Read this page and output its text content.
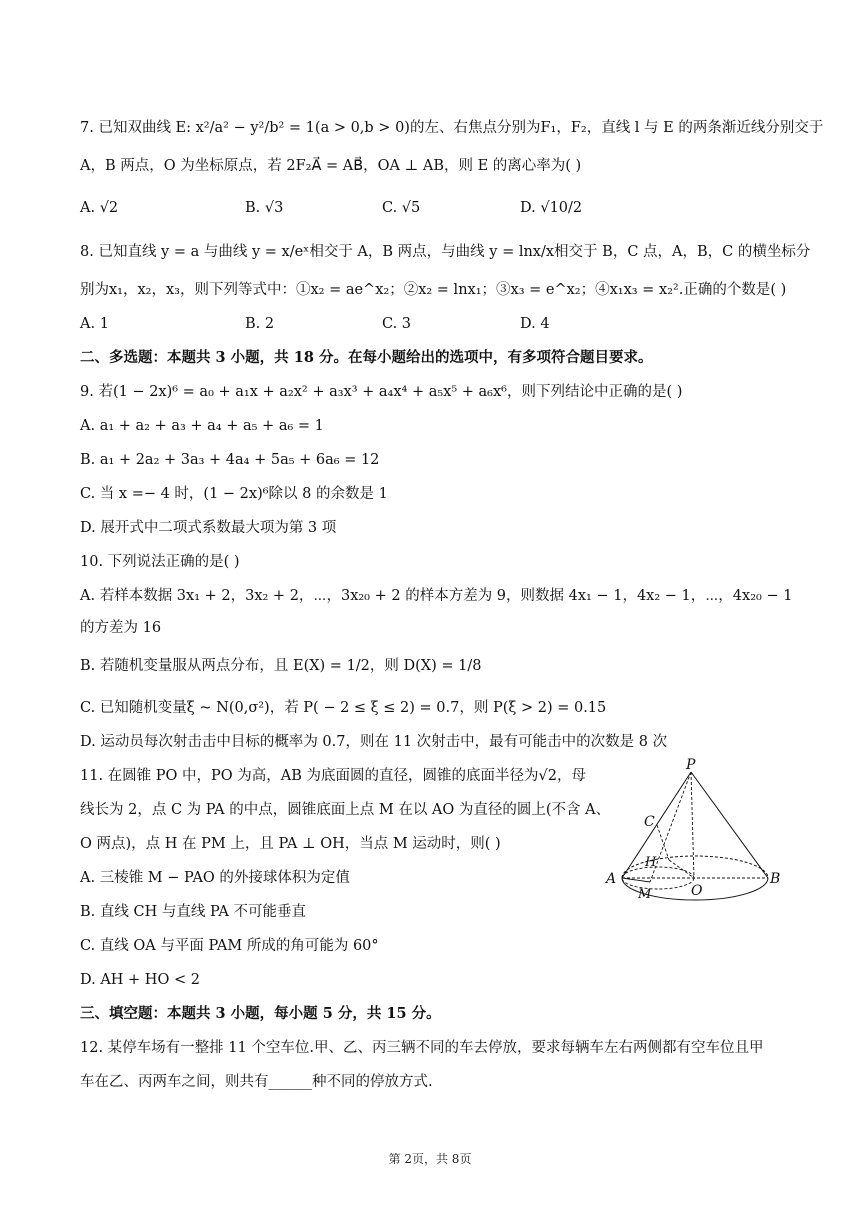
7. 已知双曲线 E: x²/a² − y²/b² = 1(a > 0,b > 0)的左、右焦点分别为F₁，F₂，直线 l 与 E 的两条渐近线分别交于
A，B 两点，O 为坐标原点，若 2F₂A⃗ = AB⃗，OA ⊥ AB，则 E 的离心率为( )
A. √2	B. √3	C. √5	D. √10/2
8. 已知直线 y = a 与曲线 y = x/eˣ相交于 A，B 两点，与曲线 y = lnx/x相交于 B，C 点，A，B，C 的横坐标分
别为x₁，x₂，x₃，则下列等式中：①x₂ = ae^x₂；②x₂ = lnx₁；③x₃ = e^x₂；④x₁x₃ = x₂².正确的个数是( )
A. 1	B. 2	C. 3	D. 4
二、多选题：本题共 3 小题，共 18 分。在每小题给出的选项中，有多项符合题目要求。
9. 若(1 − 2x)⁶ = a₀ + a₁x + a₂x² + a₃x³ + a₄x⁴ + a₅x⁵ + a₆x⁶，则下列结论中正确的是( )
A. a₁ + a₂ + a₃ + a₄ + a₅ + a₆ = 1
B. a₁ + 2a₂ + 3a₃ + 4a₄ + 5a₅ + 6a₆ = 12
C. 当 x =− 4 时，(1 − 2x)⁶除以 8 的余数是 1
D. 展开式中二项式系数最大项为第 3 项
10. 下列说法正确的是( )
A. 若样本数据 3x₁ + 2，3x₂ + 2，⋯，3x₂₀ + 2 的样本方差为 9，则数据 4x₁ − 1，4x₂ − 1，⋯，4x₂₀ − 1
的方差为 16
B. 若随机变量服从两点分布，且 E(X) = 1/2，则 D(X) = 1/8
C. 已知随机变量ξ ~ N(0,σ²)，若 P( − 2 ≤ ξ ≤ 2) = 0.7，则 P(ξ > 2) = 0.15
D. 运动员每次射击击中目标的概率为 0.7，则在 11 次射击中，最有可能击中的次数是 8 次
11. 在圆锥 PO 中，PO 为高，AB 为底面圆的直径，圆锥的底面半径为√2，母
线长为 2，点 C 为 PA 的中点，圆锥底面上点 M 在以 AO 为直径的圆上(不含 A、
O 两点)，点 H 在 PM 上，且 PA ⊥ OH，当点 M 运动时，则( )
A. 三棱锥 M − PAO 的外接球体积为定值
B. 直线 CH 与直线 PA 不可能垂直
C. 直线 OA 与平面 PAM 所成的角可能为 60°
D. AH + HO < 2
P
C
H
A
M	O
B
三、填空题：本题共 3 小题，每小题 5 分，共 15 分。
12. 某停车场有一整排 11 个空车位.甲、乙、丙三辆不同的车去停放，要求每辆车左右两侧都有空车位且甲
车在乙、丙两车之间，则共有______种不同的停放方式.
第 2页，共 8页
